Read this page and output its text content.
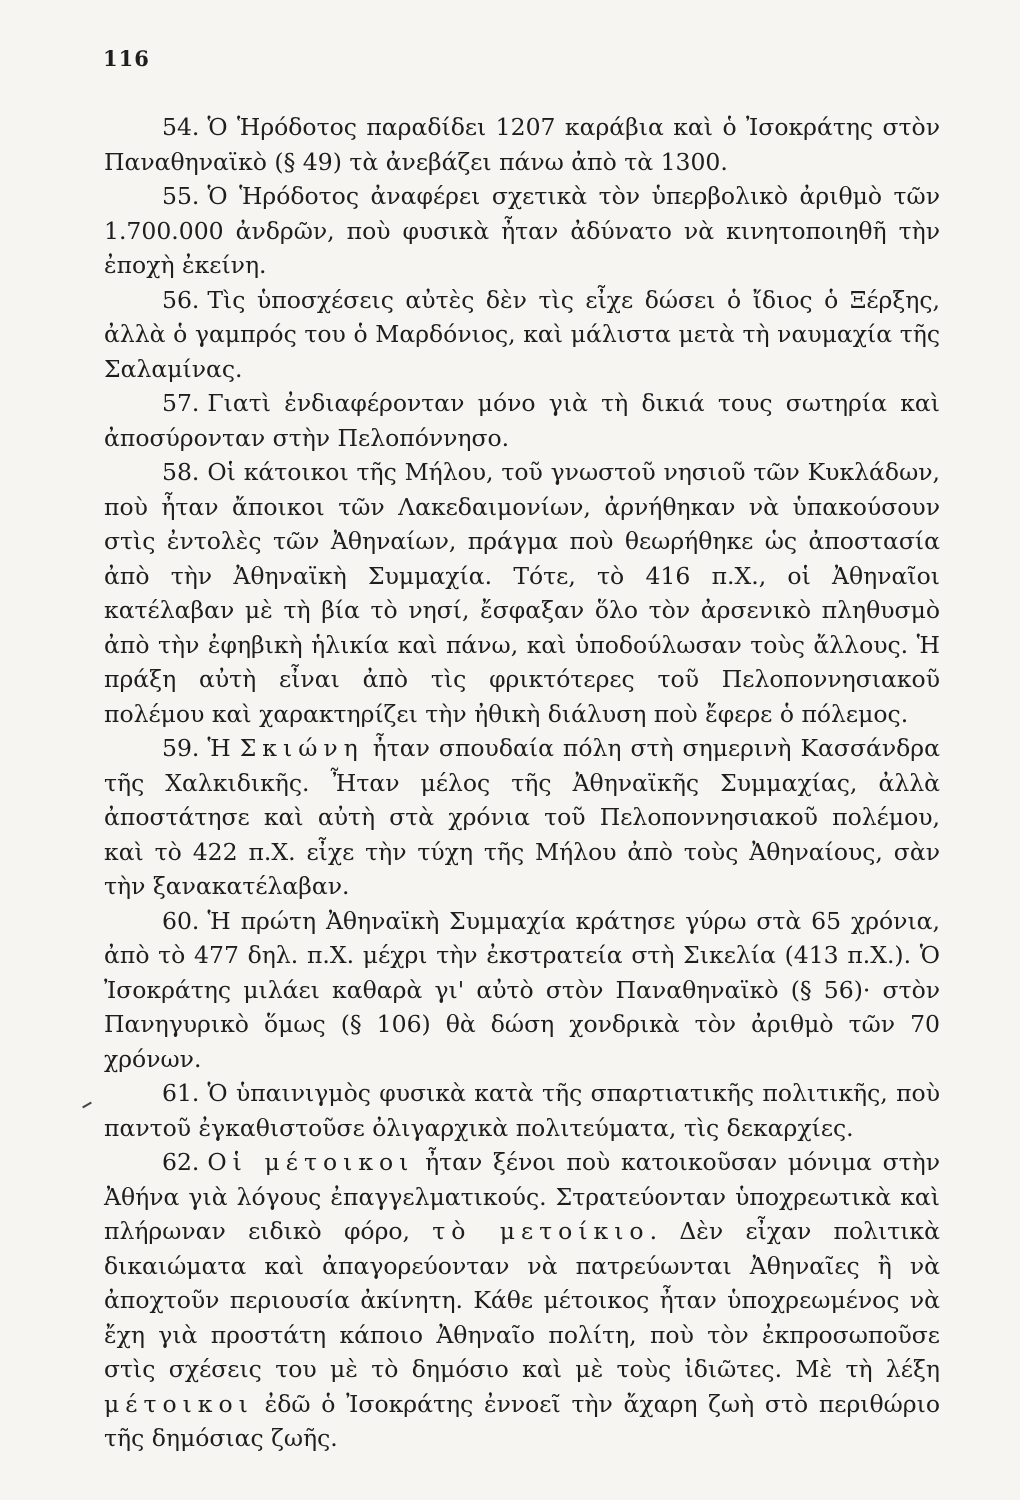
116

54. Ὁ Ἡρόδοτος παραδίδει 1207 καράβια καὶ ὁ Ἰσοκράτης στὸν Παναθηναϊκὸ (§ 49) τὰ ἀνεβάζει πάνω ἀπὸ τὰ 1300.

55. Ὁ Ἡρόδοτος ἀναφέρει σχετικὰ τὸν ὑπερβολικὸ ἀριθμὸ τῶν 1.700.000 ἀνδρῶν, ποὺ φυσικὰ ἦταν ἀδύνατο νὰ κινητοποιηθῆ τὴν ἐποχὴ ἐκείνη.

56. Τὶς ὑποσχέσεις αὐτὲς δὲν τὶς εἶχε δώσει ὁ ἴδιος ὁ Ξέρξης, ἀλλὰ ὁ γαμπρός του ὁ Μαρδόνιος, καὶ μάλιστα μετὰ τὴ ναυμαχία τῆς Σαλαμίνας.

57. Γιατὶ ἐνδιαφέρονταν μόνο γιὰ τὴ δικιά τους σωτηρία καὶ ἀποσύρονταν στὴν Πελοπόννησο.

58. Οἱ κάτοικοι τῆς Μήλου, τοῦ γνωστοῦ νησιοῦ τῶν Κυκλάδων, ποὺ ἦταν ἄποικοι τῶν Λακεδαιμονίων, ἀρνήθηκαν νὰ ὑπακούσουν στὶς ἐντολὲς τῶν Ἀθηναίων, πράγμα ποὺ θεωρήθηκε ὡς ἀποστασία ἀπὸ τὴν Ἀθηναϊκὴ Συμμαχία. Τότε, τὸ 416 π.Χ., οἱ Ἀθηναῖοι κατέλαβαν μὲ τὴ βία τὸ νησί, ἔσφαξαν ὅλο τὸν ἀρσενικὸ πληθυσμὸ ἀπὸ τὴν ἐφηβικὴ ἡλικία καὶ πάνω, καὶ ὑποδούλωσαν τοὺς ἄλλους. Ἡ πράξη αὐτὴ εἶναι ἀπὸ τὶς φρικτότερες τοῦ Πελοποννησιακοῦ πολέμου καὶ χαρακτηρίζει τὴν ἠθικὴ διάλυση ποὺ ἔφερε ὁ πόλεμος.

59. Ἡ Σκιώνη ἦταν σπουδαία πόλη στὴ σημερινὴ Κασσάνδρα τῆς Χαλκιδικῆς. Ἦταν μέλος τῆς Ἀθηναϊκῆς Συμμαχίας, ἀλλὰ ἀποστάτησε καὶ αὐτὴ στὰ χρόνια τοῦ Πελοποννησιακοῦ πολέμου, καὶ τὸ 422 π.Χ. εἶχε τὴν τύχη τῆς Μήλου ἀπὸ τοὺς Ἀθηναίους, σὰν τὴν ξανακατέλαβαν.

60. Ἡ πρώτη Ἀθηναϊκὴ Συμμαχία κράτησε γύρω στὰ 65 χρόνια, ἀπὸ τὸ 477 δηλ. π.Χ. μέχρι τὴν ἐκστρατεία στὴ Σικελία (413 π.Χ.). Ὁ Ἰσοκράτης μιλάει καθαρὰ γι' αὐτὸ στὸν Παναθηναϊκὸ (§ 56)· στὸν Πανηγυρικὸ ὅμως (§ 106) θὰ δώση χονδρικὰ τὸν ἀριθμὸ τῶν 70 χρόνων.

61. Ὁ ὑπαινιγμὸς φυσικὰ κατὰ τῆς σπαρτιατικῆς πολιτικῆς, ποὺ παντοῦ ἐγκαθιστοῦσε ὀλιγαρχικὰ πολιτεύματα, τὶς δεκαρχίες.

62. Οἱ μέτοικοι ἦταν ξένοι ποὺ κατοικοῦσαν μόνιμα στὴν Ἀθήνα γιὰ λόγους ἐπαγγελματικούς. Στρατεύονταν ὑποχρεωτικὰ καὶ πλήρωναν ειδικὸ φόρο, τὸ μετοίκιο. Δὲν εἶχαν πολιτικὰ δικαιώματα καὶ ἀπαγορεύονταν νὰ πατρεύωνται Ἀθηναῖες ἢ νὰ ἀποχτοῦν περιουσία ἀκίνητη. Κάθε μέτοικος ἦταν ὑποχρεωμένος νὰ ἔχη γιὰ προστάτη κάποιο Ἀθηναῖο πολίτη, ποὺ τὸν ἐκπροσωποῦσε στὶς σχέσεις του μὲ τὸ δημόσιο καὶ μὲ τοὺς ἰδιῶτες. Μὲ τὴ λέξη μέτοικοι ἐδῶ ὁ Ἰσοκράτης ἐννοεῖ τὴν ἄχαρη ζωὴ στὸ περιθώριο τῆς δημόσιας ζωῆς.
